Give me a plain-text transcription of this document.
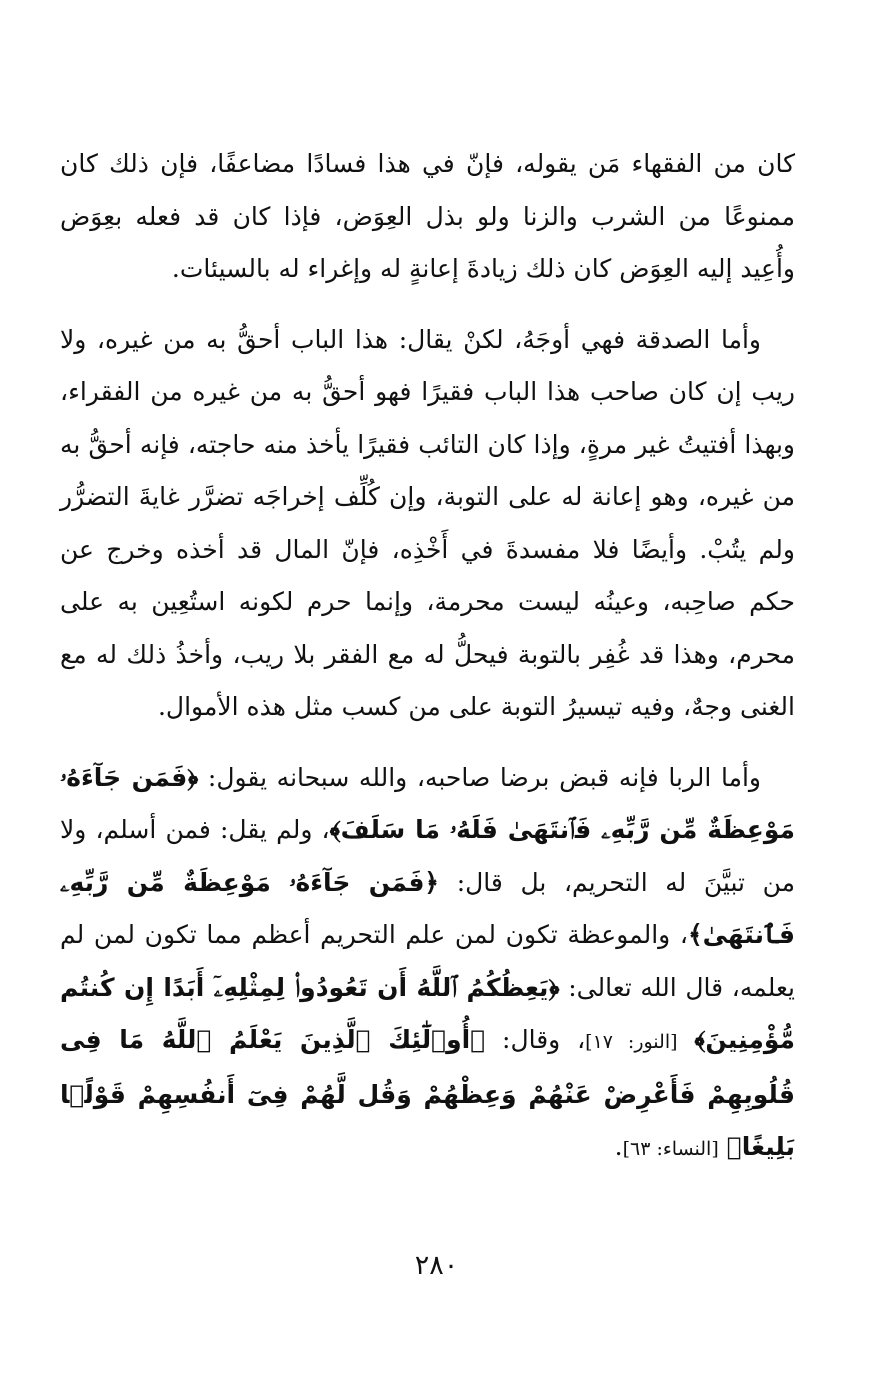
كان من الفقهاء مَن يقوله، فإنّ في هذا فسادًا مضاعفًا، فإن ذلك كان ممنوعًا من الشرب والزنا ولو بذل العِوَض، فإذا كان قد فعله بعِوَض وأُعِيد إليه العِوَض كان ذلك زيادةَ إعانةٍ له وإغراء له بالسيئات.

وأما الصدقة فهي أوجَهُ، لكنْ يقال: هذا الباب أحقُّ به من غيره، ولا ريب إن كان صاحب هذا الباب فقيرًا فهو أحقُّ به من غيره من الفقراء، وبهذا أفتيتُ غير مرةٍ، وإذا كان التائب فقيرًا يأخذ منه حاجته، فإنه أحقُّ به من غيره، وهو إعانة له على التوبة، وإن كُلِّف إخراجَه تضرَّر غايةَ التضرُّر ولم يتُبْ. وأيضًا فلا مفسدةَ في أَخْذِه، فإنّ المال قد أخذه وخرج عن حكم صاحِبه، وعينُه ليست محرمة، وإنما حرم لكونه استُعِين به على محرم، وهذا قد غُفِر بالتوبة فيحلُّ له مع الفقر بلا ريب، وأخذُ ذلك له مع الغنى وجهٌ، وفيه تيسيرُ التوبة على من كسب مثل هذه الأموال.

وأما الربا فإنه قبض برضا صاحبه، والله سبحانه يقول: ﴿فَمَن جَآءَهُۥ مَوْعِظَةٌ مِّن رَّبِّهِۦ فَٱنتَهَىٰ فَلَهُۥ مَا سَلَفَ﴾، ولم يقل: فمن أسلم، ولا من تبيَّنَ له التحريم، بل قال: ﴿فَمَن جَآءَهُۥ مَوْعِظَةٌ مِّن رَّبِّهِۦ فَٱنتَهَىٰ﴾، والموعظة تكون لمن علم التحريم أعظم مما تكون لمن لم يعلمه، قال الله تعالى: ﴿يَعِظُكُمُ ٱللَّهُ أَن تَعُودُوا۟ لِمِثْلِهِۦٓ أَبَدًا إِن كُنتُم مُّؤْمِنِينَ﴾ [النور: ١٧]، وقال: ﴿أُو۟لَٰٓئِكَ ٱلَّذِينَ يَعْلَمُ ٱللَّهُ مَا فِى قُلُوبِهِمْ فَأَعْرِضْ عَنْهُمْ وَعِظْهُمْ وَقُل لَّهُمْ فِىٓ أَنفُسِهِمْ قَوْلًۢا بَلِيغًا﴾ [النساء: ٦٣].

٢٨٠
